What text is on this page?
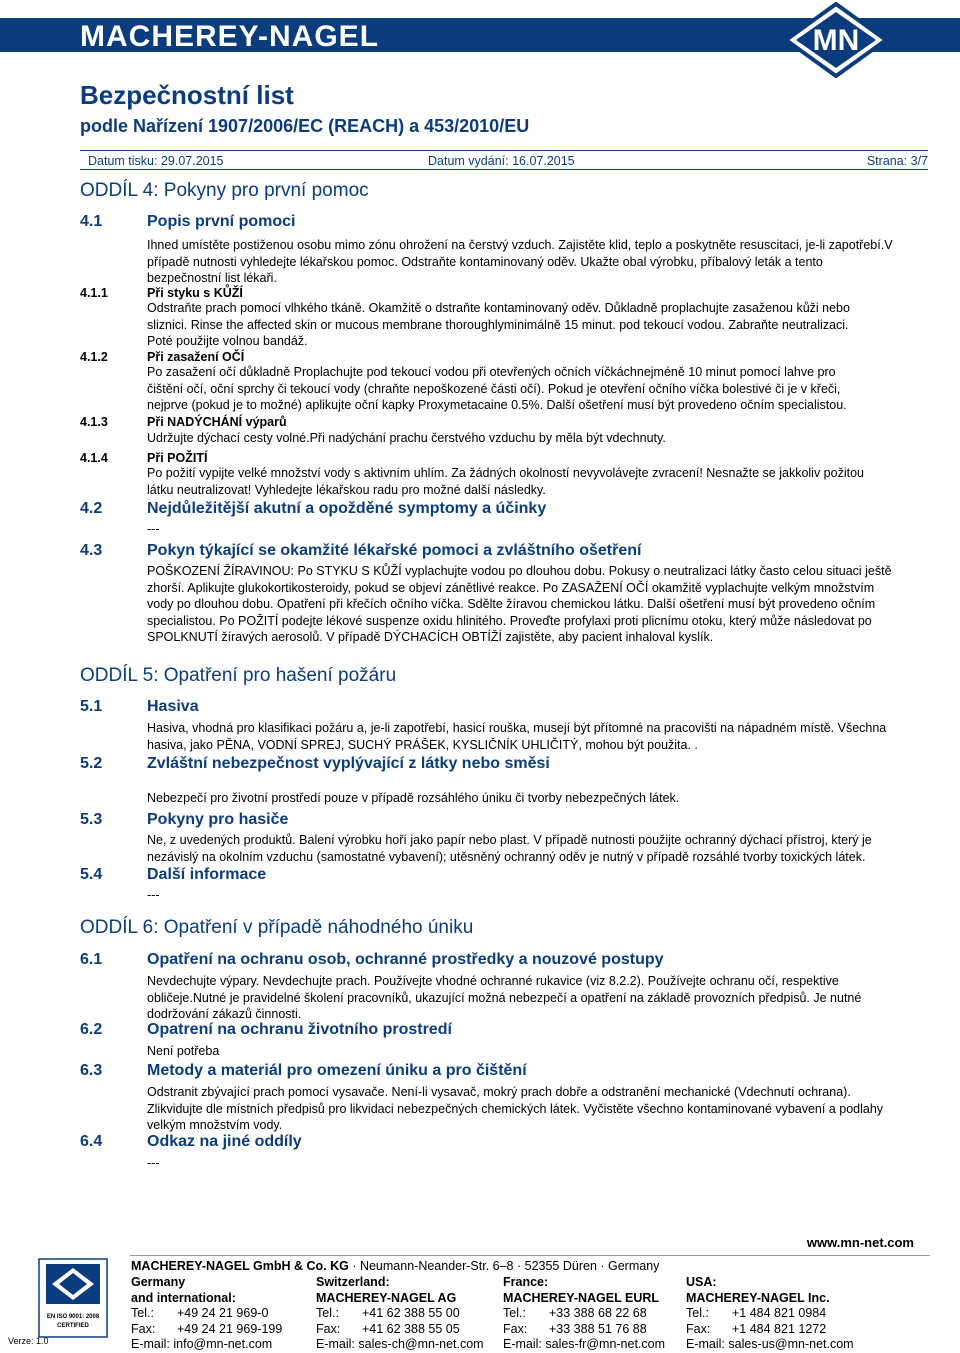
MACHEREY-NAGEL	MN
Bezpečnostní list
podle Nařízení 1907/2006/EC (REACH) a 453/2010/EU
Datum tisku: 29.07.2015	Datum vydání: 16.07.2015	Strana: 3/7
ODDÍL 4: Pokyny pro první pomoc
4.1	Popis první pomoci
Ihned umístěte postiženou osobu mimo zónu ohrožení na čerstvý vzduch. Zajistěte klid, teplo a poskytněte resuscitaci, je-li zapotřebí.V
případě nutnosti vyhledejte lékařskou pomoc. Odstraňte kontaminovaný oděv. Ukažte obal výrobku, příbalový leták a tento
bezpečnostní list lékaři.
4.1.1	Při styku s KŮŽÍ
Odstraňte prach pomocí vlhkého tkáně. Okamžitě o dstraňte kontaminovaný oděv. Důkladně proplachujte zasaženou kůži nebo
sliznici. Rinse the affected skin or mucous membrane thoroughlyminimálně 15 minut. pod tekoucí vodou. Zabraňte neutralizaci.
Poté použijte volnou bandáž.
4.1.2	Při zasažení OČÍ
Po zasažení očí důkladně Proplachujte pod tekoucí vodou při otevřených očních víčkáchnejméně 10 minut pomocí lahve pro
čištění očí, oční sprchy či tekoucí vody (chraňte nepoškozené části očí). Pokud je otevření očního víčka bolestivé či je v křeči,
nejprve (pokud je to možné) aplikujte oční kapky Proxymetacaine 0.5%. Další ošetření musí být provedeno očním specialistou.
4.1.3	Při NADÝCHÁNÍ výparů
Udržujte dýchací cesty volné.Při nadýchání prachu čerstvého vzduchu by měla být vdechnuty.
4.1.4	Při POŽITÍ
Po požití vypijte velké množství vody s aktivním uhlím. Za žádných okolností nevyvolávejte zvracení! Nesnažte se jakkoliv požitou
látku neutralizovat! Vyhledejte lékařskou radu pro možné další následky.
4.2	Nejdůležitější akutní a opožděné symptomy a účinky
---
4.3	Pokyn týkající se okamžité lékařské pomoci a zvláštního ošetření
POŠKOZENÍ ŽÍRAVINOU: Po STYKU S KŮŽÍ vyplachujte vodou po dlouhou dobu. Pokusy o neutralizaci látky často celou situaci ještě
zhorší. Aplikujte glukokortikosteroidy, pokud se objeví zánětlivé reakce. Po ZASAŽENÍ OČÍ okamžitě vyplachujte velkým množstvím
vody po dlouhou dobu. Opatření při křečích očního víčka. Sdělte žíravou chemickou látku. Další ošetření musí být provedeno očním
specialistou. Po POŽITÍ podejte lékové suspenze oxidu hlinitého. Proveďte profylaxi proti plicnímu otoku, který může následovat po
SPOLKNUTÍ žíravých aerosolů. V případě DÝCHACÍCH OBTÍŽÍ zajistěte, aby pacient inhaloval kyslík.
ODDÍL 5: Opatření pro hašení požáru
5.1	Hasiva
Hasiva, vhodná pro klasifikaci požáru a, je-li zapotřebí, hasicí rouška, musejí být přítomné na pracovišti na nápadném místě. Všechna
hasiva, jako PĚNA, VODNÍ SPREJ, SUCHÝ PRÁŠEK, KYSLIČNÍK UHLIČITÝ, mohou být použita. .
5.2	Zvláštní nebezpečnost vyplývající z látky nebo směsi
Nebezpečí pro životní prostředí pouze v případě rozsáhlého úniku či tvorby nebezpečných látek.
5.3	Pokyny pro hasiče
Ne, z uvedených produktů. Balení výrobku hoří jako papír nebo plast. V případě nutnosti použijte ochranný dýchací přístroj, který je
nezávislý na okolním vzduchu (samostatné vybavení); utěsněný ochranný oděv je nutný v případě rozsáhlé tvorby toxických látek.
5.4	Další informace
---
ODDÍL 6: Opatření v případě náhodného úniku
6.1	Opatření na ochranu osob, ochranné prostředky a nouzové postupy
Nevdechujte výpary. Nevdechujte prach. Používejte vhodné ochranné rukavice (viz 8.2.2). Používejte ochranu očí, respektive
obličeje.Nutné je pravidelné školení pracovníků, ukazující možná nebezpečí a opatření na základě provozních předpisů. Je nutné
dodržování zákazů činnosti.
6.2	Opatrení na ochranu životního prostredí
Není potřeba
6.3	Metody a materiál pro omezení úniku a pro čištění
Odstranit zbývající prach pomocí vysavače. Není-li vysavač, mokrý prach dobře a odstranění mechanické (Vdechnutí ochrana).
Zlikvidujte dle místních předpisů pro likvidaci nebezpečných chemických látek. Vyčistěte všechno kontaminované vybavení a podlahy
velkým množstvím vody.
6.4	Odkaz na jiné oddíly
---
www.mn-net.com
MACHEREY-NAGEL GmbH & Co. KG · Neumann-Neander-Str. 6–8 · 52355 Düren · Germany
Germany
and international:
Tel.: +49 24 21 969-0
Fax: +49 24 21 969-199
E-mail: info@mn-net.com
Switzerland:
MACHEREY-NAGEL AG
Tel.: +41 62 388 55 00
Fax: +41 62 388 55 05
E-mail: sales-ch@mn-net.com
France:
MACHEREY-NAGEL EURL
Tel.: +33 388 68 22 68
Fax: +33 388 51 76 88
E-mail: sales-fr@mn-net.com
USA:
MACHEREY-NAGEL Inc.
Tel.: +1 484 821 0984
Fax: +1 484 821 1272
E-mail: sales-us@mn-net.com
EN ISO 9001: 2008
CERTIFIED
Verze: 1.0
